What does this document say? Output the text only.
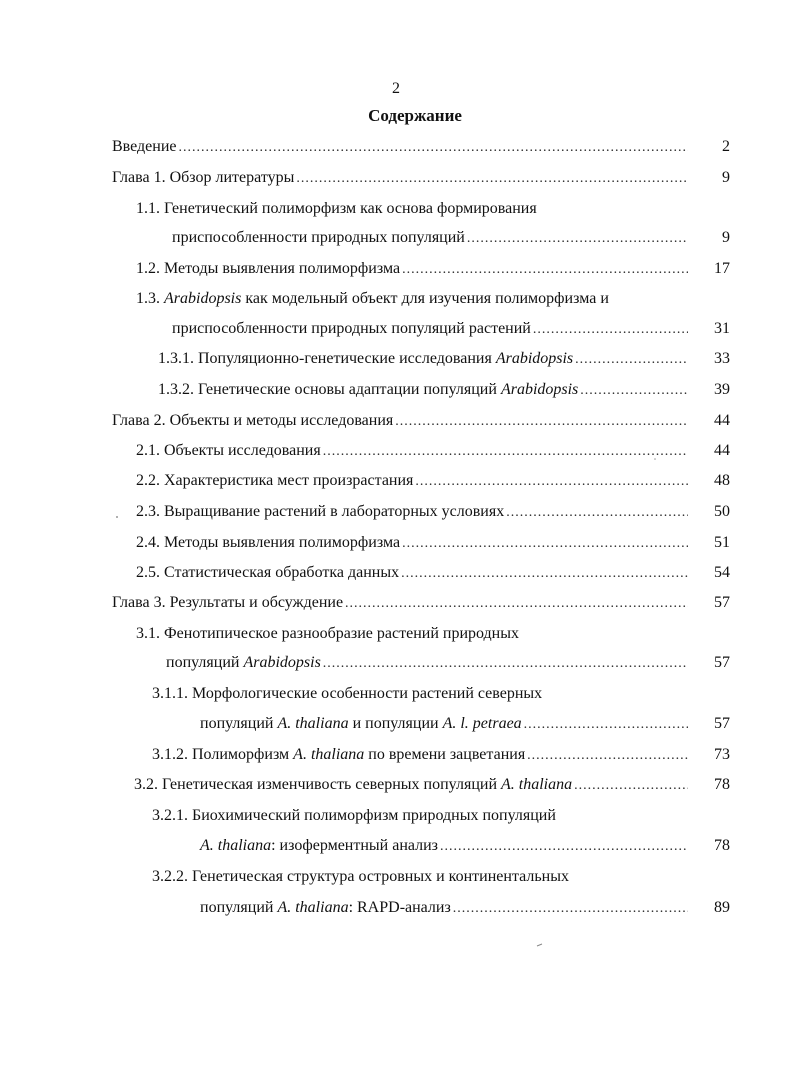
2
Содержание
Введение .....	2
Глава 1. Обзор литературы .....	9
1.1. Генетический полиморфизм как основа формирования
приспособленности природных популяций .....	9
1.2. Методы выявления полиморфизма .....	17
1.3. Arabidopsis как модельный объект для изучения полиморфизма и
приспособленности природных популяций растений .....	31
1.3.1. Популяционно-генетические исследования Arabidopsis .....	33
1.3.2. Генетические основы адаптации популяций Arabidopsis .....	39
Глава 2. Объекты и методы исследования .....	44
2.1. Объекты исследования .....	44
2.2. Характеристика мест произрастания .....	48
2.3. Выращивание растений в лабораторных условиях .....	50
2.4. Методы выявления полиморфизма .....	51
2.5. Статистическая обработка данных .....	54
Глава 3. Результаты и обсуждение .....	57
3.1. Фенотипическое разнообразие растений природных
популяций Arabidopsis .....	57
3.1.1. Морфологические особенности растений северных
популяций A. thaliana и популяции A. l. petraea .....	57
3.1.2. Полиморфизм A. thaliana по времени зацветания .....	73
3.2. Генетическая изменчивость северных популяций A. thaliana .....	78
3.2.1. Биохимический полиморфизм природных популяций
A. thaliana: изоферментный анализ .....	78
3.2.2. Генетическая структура островных и континентальных
популяций A. thaliana: RAPD-анализ .....	89
